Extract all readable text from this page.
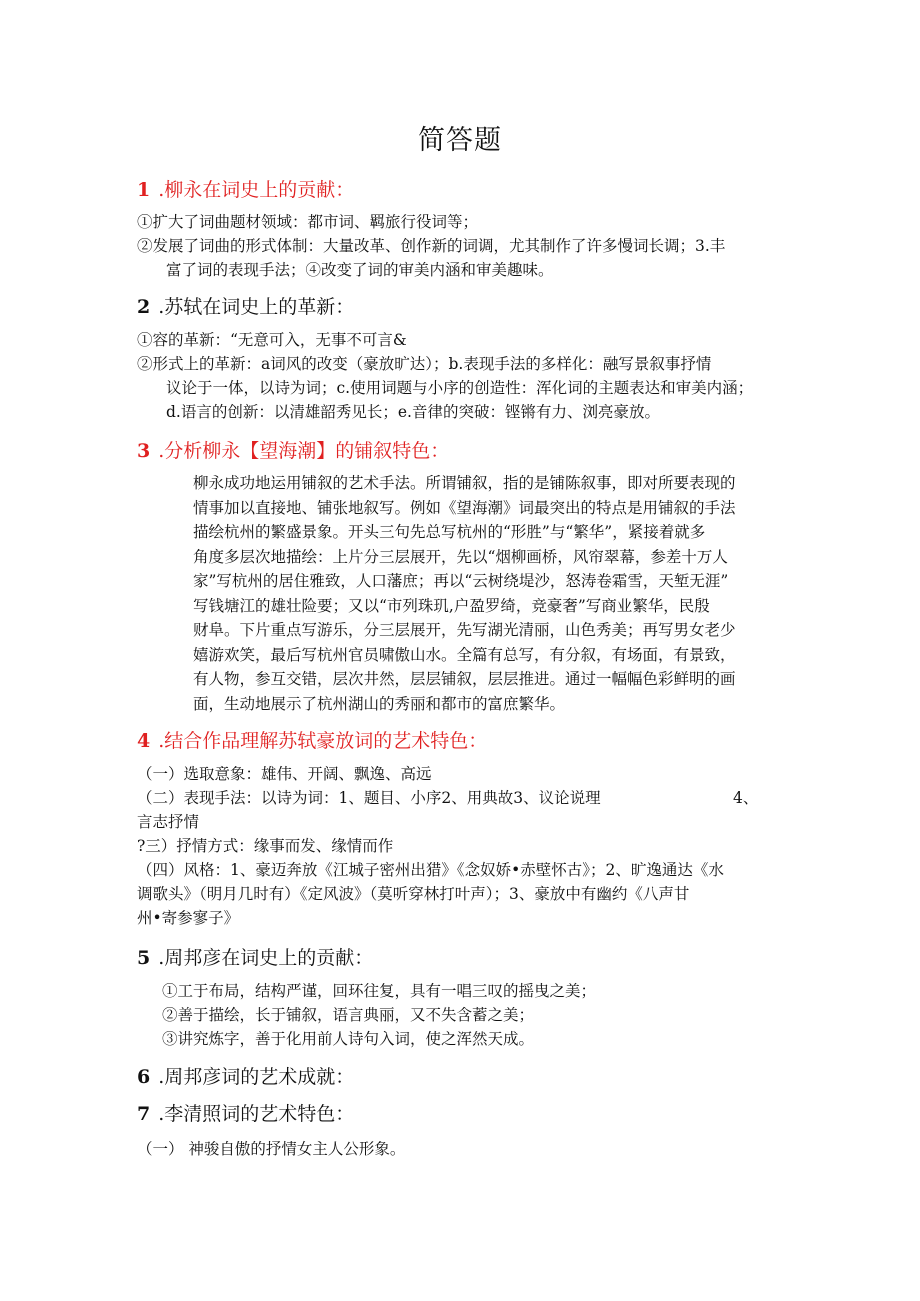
简答题
1 .柳永在词史上的贡献：
①扩大了词曲题材领域：都市词、羁旅行役词等；
②发展了词曲的形式体制：大量改革、创作新的词调，尤其制作了许多慢词长调；3.丰
富了词的表现手法；④改变了词的审美内涵和审美趣味。
2 .苏轼在词史上的革新：
①容的革新：“无意可入，无事不可言&
②形式上的革新：a词风的改变（豪放旷达）；b.表现手法的多样化：融写景叙事抒情
议论于一体，以诗为词；c.使用词题与小序的创造性：浑化词的主题表达和审美内涵；
d.语言的创新：以清雄韶秀见长；e.音律的突破：铿锵有力、浏亮豪放。
3 .分析柳永【望海潮】的铺叙特色：
柳永成功地运用铺叙的艺术手法。所谓铺叙，指的是铺陈叙事，即对所要表现的
情事加以直接地、铺张地叙写。例如《望海潮》词最突出的特点是用铺叙的手法
描绘杭州的繁盛景象。开头三句先总写杭州的“形胜”与“繁华”，紧接着就多
角度多层次地描绘：上片分三层展开，先以“烟柳画桥，风帘翠幕，参差十万人
家”写杭州的居住雅致，人口藩庶；再以“云树绕堤沙，怒涛卷霜雪，天堑无涯”
写钱塘江的雄壮险要；又以“市列珠玑,户盈罗绮，竞豪奢”写商业繁华，民殷
财阜。下片重点写游乐，分三层展开，先写湖光清丽，山色秀美；再写男女老少
嬉游欢笑，最后写杭州官员啸傲山水。全篇有总写，有分叙，有场面，有景致，
有人物，参互交错，层次井然，层层铺叙，层层推进。通过一幅幅色彩鲜明的画
面，生动地展示了杭州湖山的秀丽和都市的富庶繁华。
4 .结合作品理解苏轼豪放词的艺术特色：
（一）选取意象：雄伟、开阔、飘逸、高远
（二）表现手法：以诗为词：1、题目、小序2、用典故3、议论说理	4、
言志抒情
?三）抒情方式：缘事而发、缘情而作
（四）风格：1、豪迈奔放《江城子密州出猎》《念奴娇•赤壁怀古》；2、旷逸通达《水
调歌头》（明月几时有）《定风波》（莫听穿林打叶声）；3、豪放中有幽约《八声甘
州•寄参寥子》
5 .周邦彦在词史上的贡献：
①工于布局，结构严谨，回环往复，具有一唱三叹的摇曳之美；
②善于描绘，长于铺叙，语言典丽，又不失含蓄之美；
③讲究炼字，善于化用前人诗句入词，使之浑然天成。
6 .周邦彦词的艺术成就：
7 .李清照词的艺术特色：
（一） 神骏自傲的抒情女主人公形象。
